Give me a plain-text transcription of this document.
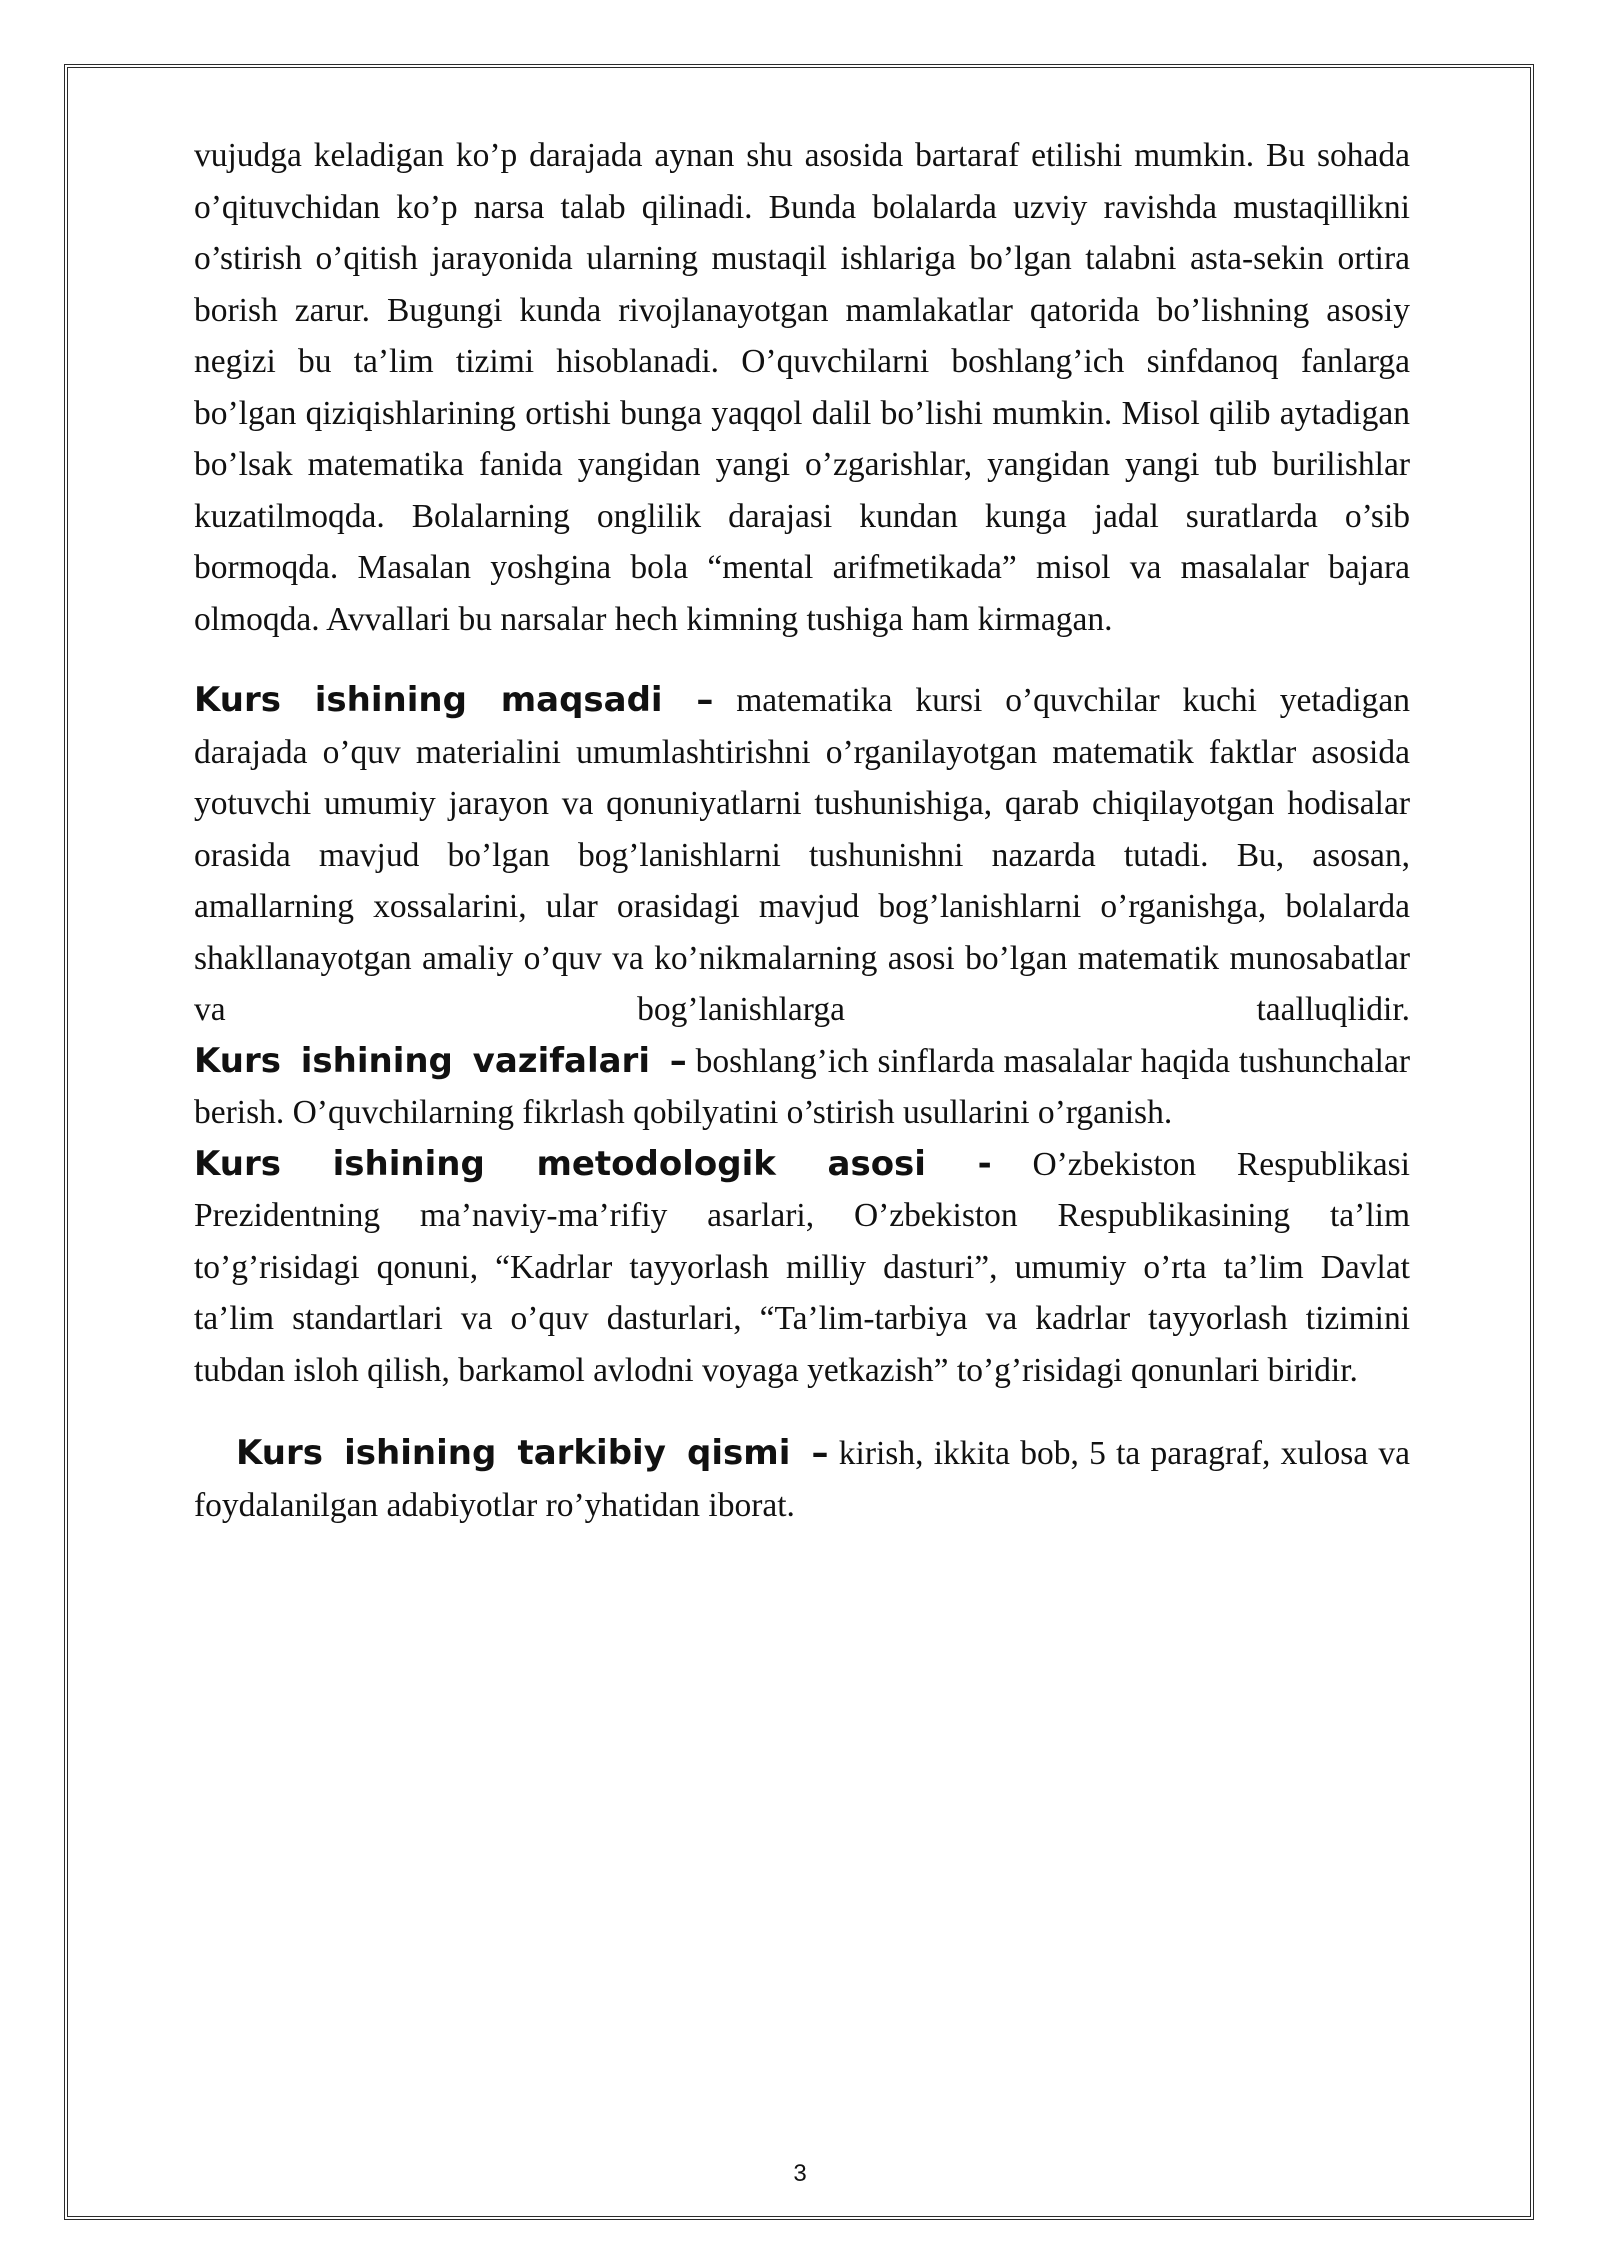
vujudga keladigan ko’p darajada aynan shu asosida bartaraf etilishi mumkin. Bu sohada o’qituvchidan ko’p narsa talab qilinadi. Bunda bolalarda uzviy ravishda mustaqillikni o’stirish o’qitish jarayonida ularning mustaqil ishlariga bo’lgan talabni asta-sekin ortira borish zarur. Bugungi kunda rivojlanayotgan mamlakatlar qatorida bo’lishning asosiy negizi bu ta’lim tizimi hisoblanadi. O’quvchilarni boshlang’ich sinfdanoq fanlarga bo’lgan qiziqishlarining ortishi bunga yaqqol dalil bo’lishi mumkin. Misol qilib aytadigan bo’lsak matematika fanida yangidan yangi o’zgarishlar, yangidan yangi tub burilishlar kuzatilmoqda. Bolalarning onglilik darajasi kundan kunga jadal suratlarda o’sib bormoqda. Masalan yoshgina bola “mental arifmetikada” misol va masalalar bajara olmoqda. Avvallari bu narsalar hech kimning tushiga ham kirmagan.

Kurs ishining maqsadi – matematika kursi o’quvchilar kuchi yetadigan darajada o’quv materialini umumlashtirishni o’rganilayotgan matematik faktlar asosida yotuvchi umumiy jarayon va qonuniyatlarni tushunishiga, qarab chiqilayotgan hodisalar orasida mavjud bo’lgan bog’lanishlarni tushunishni nazarda tutadi. Bu, asosan, amallarning xossalarini, ular orasidagi mavjud bog’lanishlarni o’rganishga, bolalarda shakllanayotgan amaliy o’quv va ko’nikmalarning asosi bo’lgan matematik munosabatlar va bog’lanishlarga taalluqlidir.

Kurs ishining vazifalari – boshlang’ich sinflarda masalalar haqida tushunchalar berish. O’quvchilarning fikrlash qobilyatini o’stirish usullarini o’rganish.

Kurs ishining metodologik asosi - O’zbekiston Respublikasi Prezidentning ma’naviy-ma’rifiy asarlari, O’zbekiston Respublikasining ta’lim to’g’risidagi qonuni, “Kadrlar tayyorlash milliy dasturi”, umumiy o’rta ta’lim Davlat ta’lim standartlari va o’quv dasturlari, “Ta’lim-tarbiya va kadrlar tayyorlash tizimini tubdan isloh qilish, barkamol avlodni voyaga yetkazish” to’g’risidagi qonunlari biridir.

Kurs ishining tarkibiy qismi – kirish, ikkita bob, 5 ta paragraf, xulosa va foydalanilgan adabiyotlar ro’yhatidan iborat.

3
